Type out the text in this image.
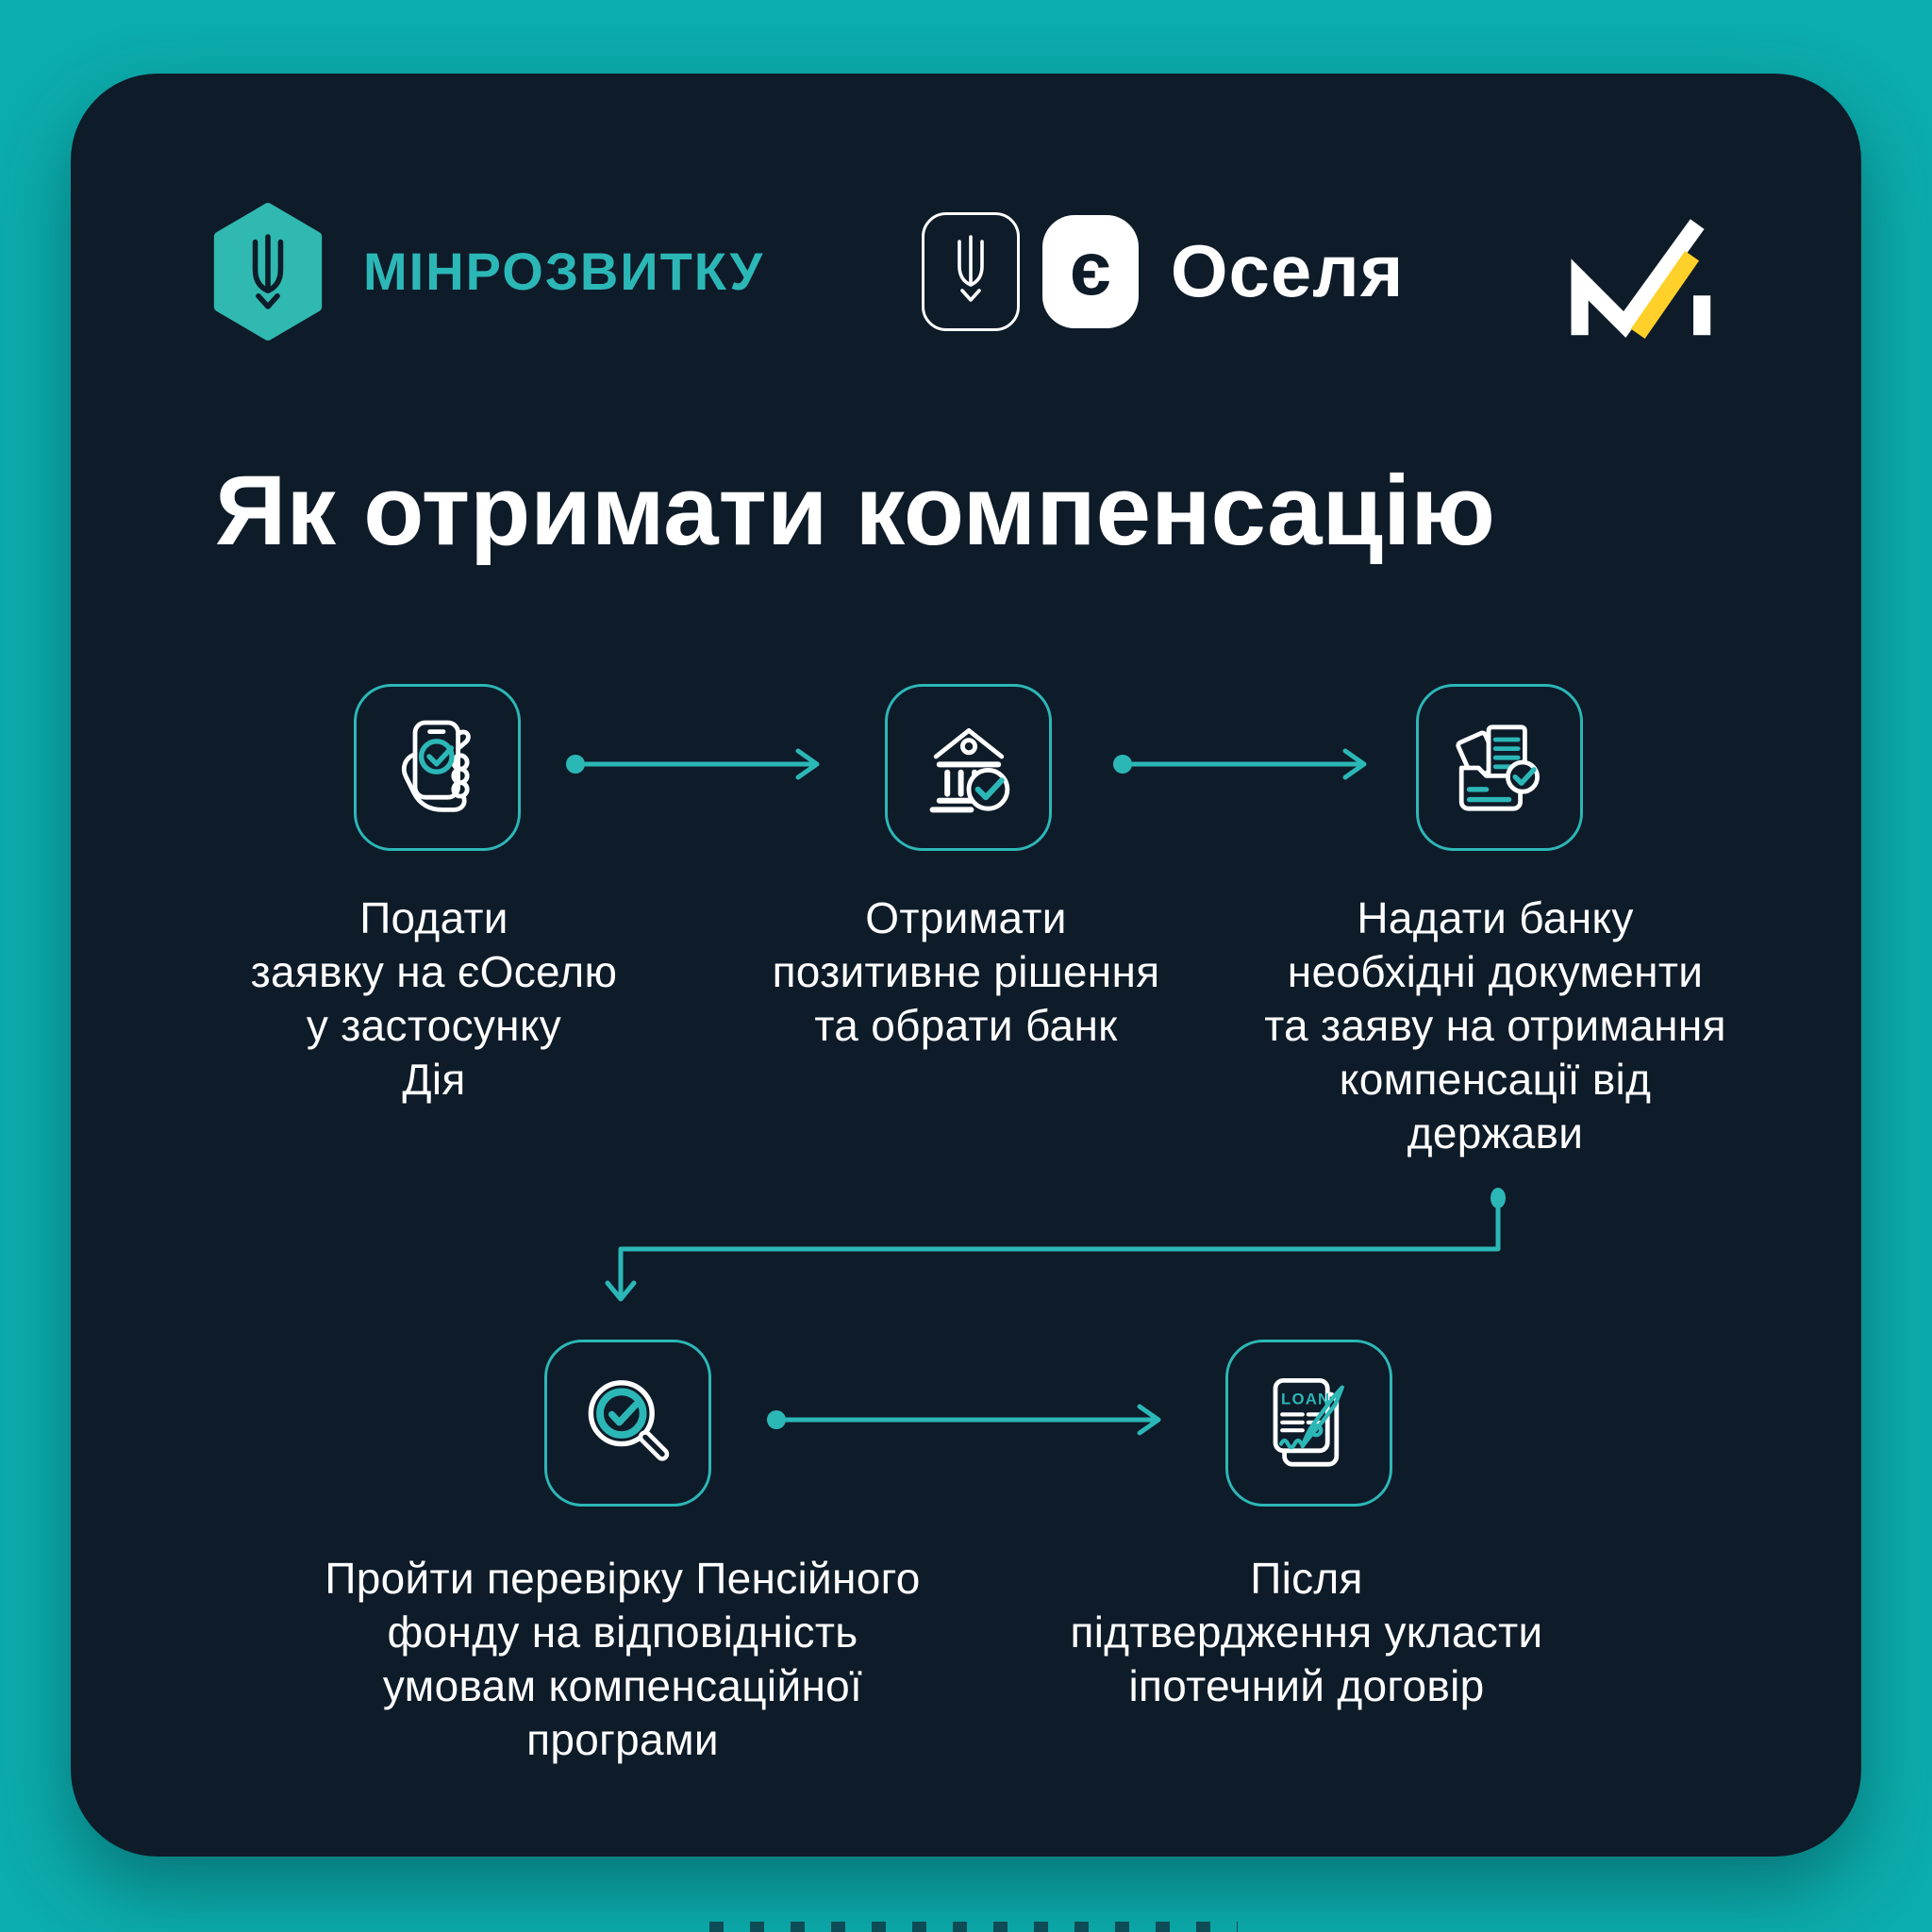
МІНРОЗВИТКУ	є Оселя
Як отримати компенсацію
Подати
заявку на єОселю
у застосунку
Дія
Отримати
позитивне рішення
та обрати банк
Надати банку
необхідні документи
та заяву на отримання
компенсації від
держави
Пройти перевірку Пенсійного
фонду на відповідність
умовам компенсаційної
програми
LOAN
Після
підтвердження укласти
іпотечний договір
